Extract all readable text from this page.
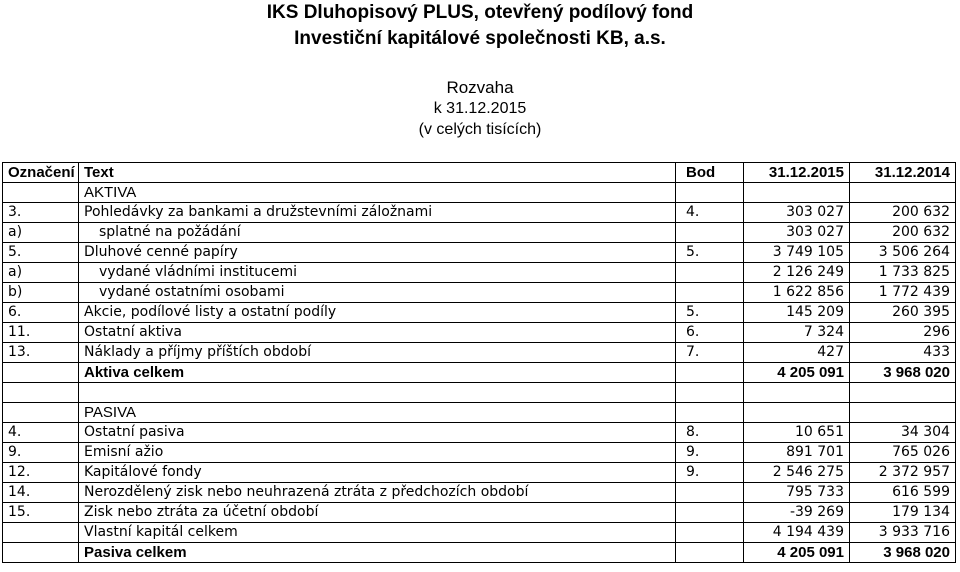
IKS Dluhopisový PLUS, otevřený podílový fond
Investiční kapitálové společnosti KB, a.s.
Rozvaha
k 31.12.2015
(v celých tisících)
Označení	Text	Bod	31.12.2015	31.12.2014
	AKTIVA			
3.	Pohledávky za bankami a družstevními záložnami	4.	303 027	200 632
a)	splatné na požádání		303 027	200 632
5.	Dluhové cenné papíry	5.	3 749 105	3 506 264
a)	vydané vládními institucemi		2 126 249	1 733 825
b)	vydané ostatními osobami		1 622 856	1 772 439
6.	Akcie, podílové listy a ostatní podíly	5.	145 209	260 395
11.	Ostatní aktiva	6.	7 324	296
13.	Náklady a příjmy příštích období	7.	427	433
	Aktiva celkem		4 205 091	3 968 020

	PASIVA			
4.	Ostatní pasiva	8.	10 651	34 304
9.	Emisní ažio	9.	891 701	765 026
12.	Kapitálové fondy	9.	2 546 275	2 372 957
14.	Nerozdělený zisk nebo neuhrazená ztráta z předchozích období		795 733	616 599
15.	Zisk nebo ztráta za účetní období		-39 269	179 134
	Vlastní kapitál celkem		4 194 439	3 933 716
	Pasiva celkem		4 205 091	3 968 020
